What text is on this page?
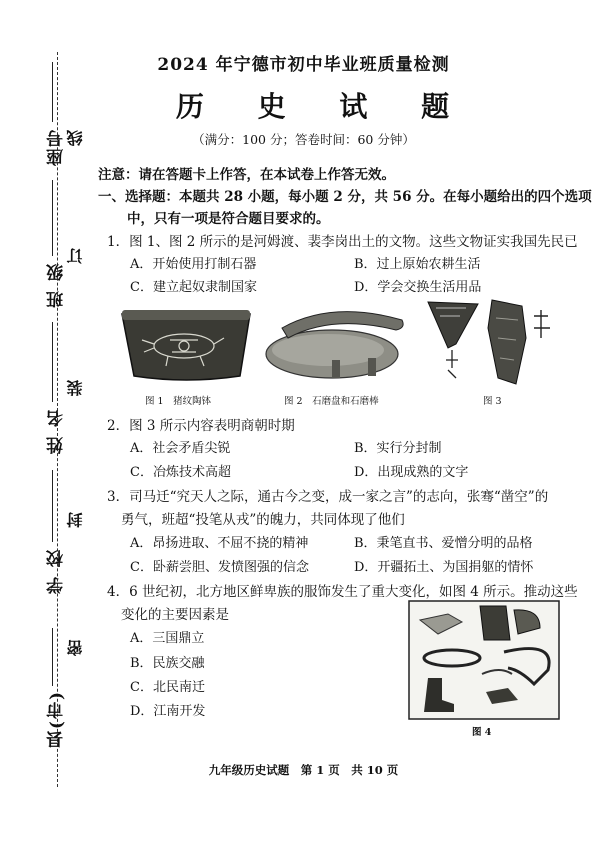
县(市)
学 校
姓 名
班 级
座号 线
订
装
封
密
2024 年宁德市初中毕业班质量检测
历 史 试 题
（满分：100 分；答卷时间：60 分钟）
注意：请在答题卡上作答，在本试卷上作答无效。
一、选择题：本题共 28 小题，每小题 2 分，共 56 分。在每小题给出的四个选项
中，只有一项是符合题目要求的。
1．图 1、图 2 所示的是河姆渡、裴李岗出土的文物。这些文物证实我国先民已
A．开始使用打制石器	B．过上原始农耕生活
C．建立起奴隶制国家	D．学会交换生活用品
图 1　猪纹陶钵	图 2　石磨盘和石磨棒	图 3
2．图 3 所示内容表明商朝时期
A．社会矛盾尖锐	B．实行分封制
C．冶炼技术高超	D．出现成熟的文字
3．司马迁“究天人之际，通古今之变，成一家之言”的志向，张骞“凿空”的
勇气，班超“投笔从戎”的魄力，共同体现了他们
A．昂扬进取、不屈不挠的精神	B．秉笔直书、爱憎分明的品格
C．卧薪尝胆、发愤图强的信念	D．开疆拓土、为国捐躯的情怀
4．6 世纪初，北方地区鲜卑族的服饰发生了重大变化，如图 4 所示。推动这些
变化的主要因素是
A．三国鼎立
B．民族交融
C．北民南迁
D．江南开发
图 4
九年级历史试题　第 1 页　共 10 页
